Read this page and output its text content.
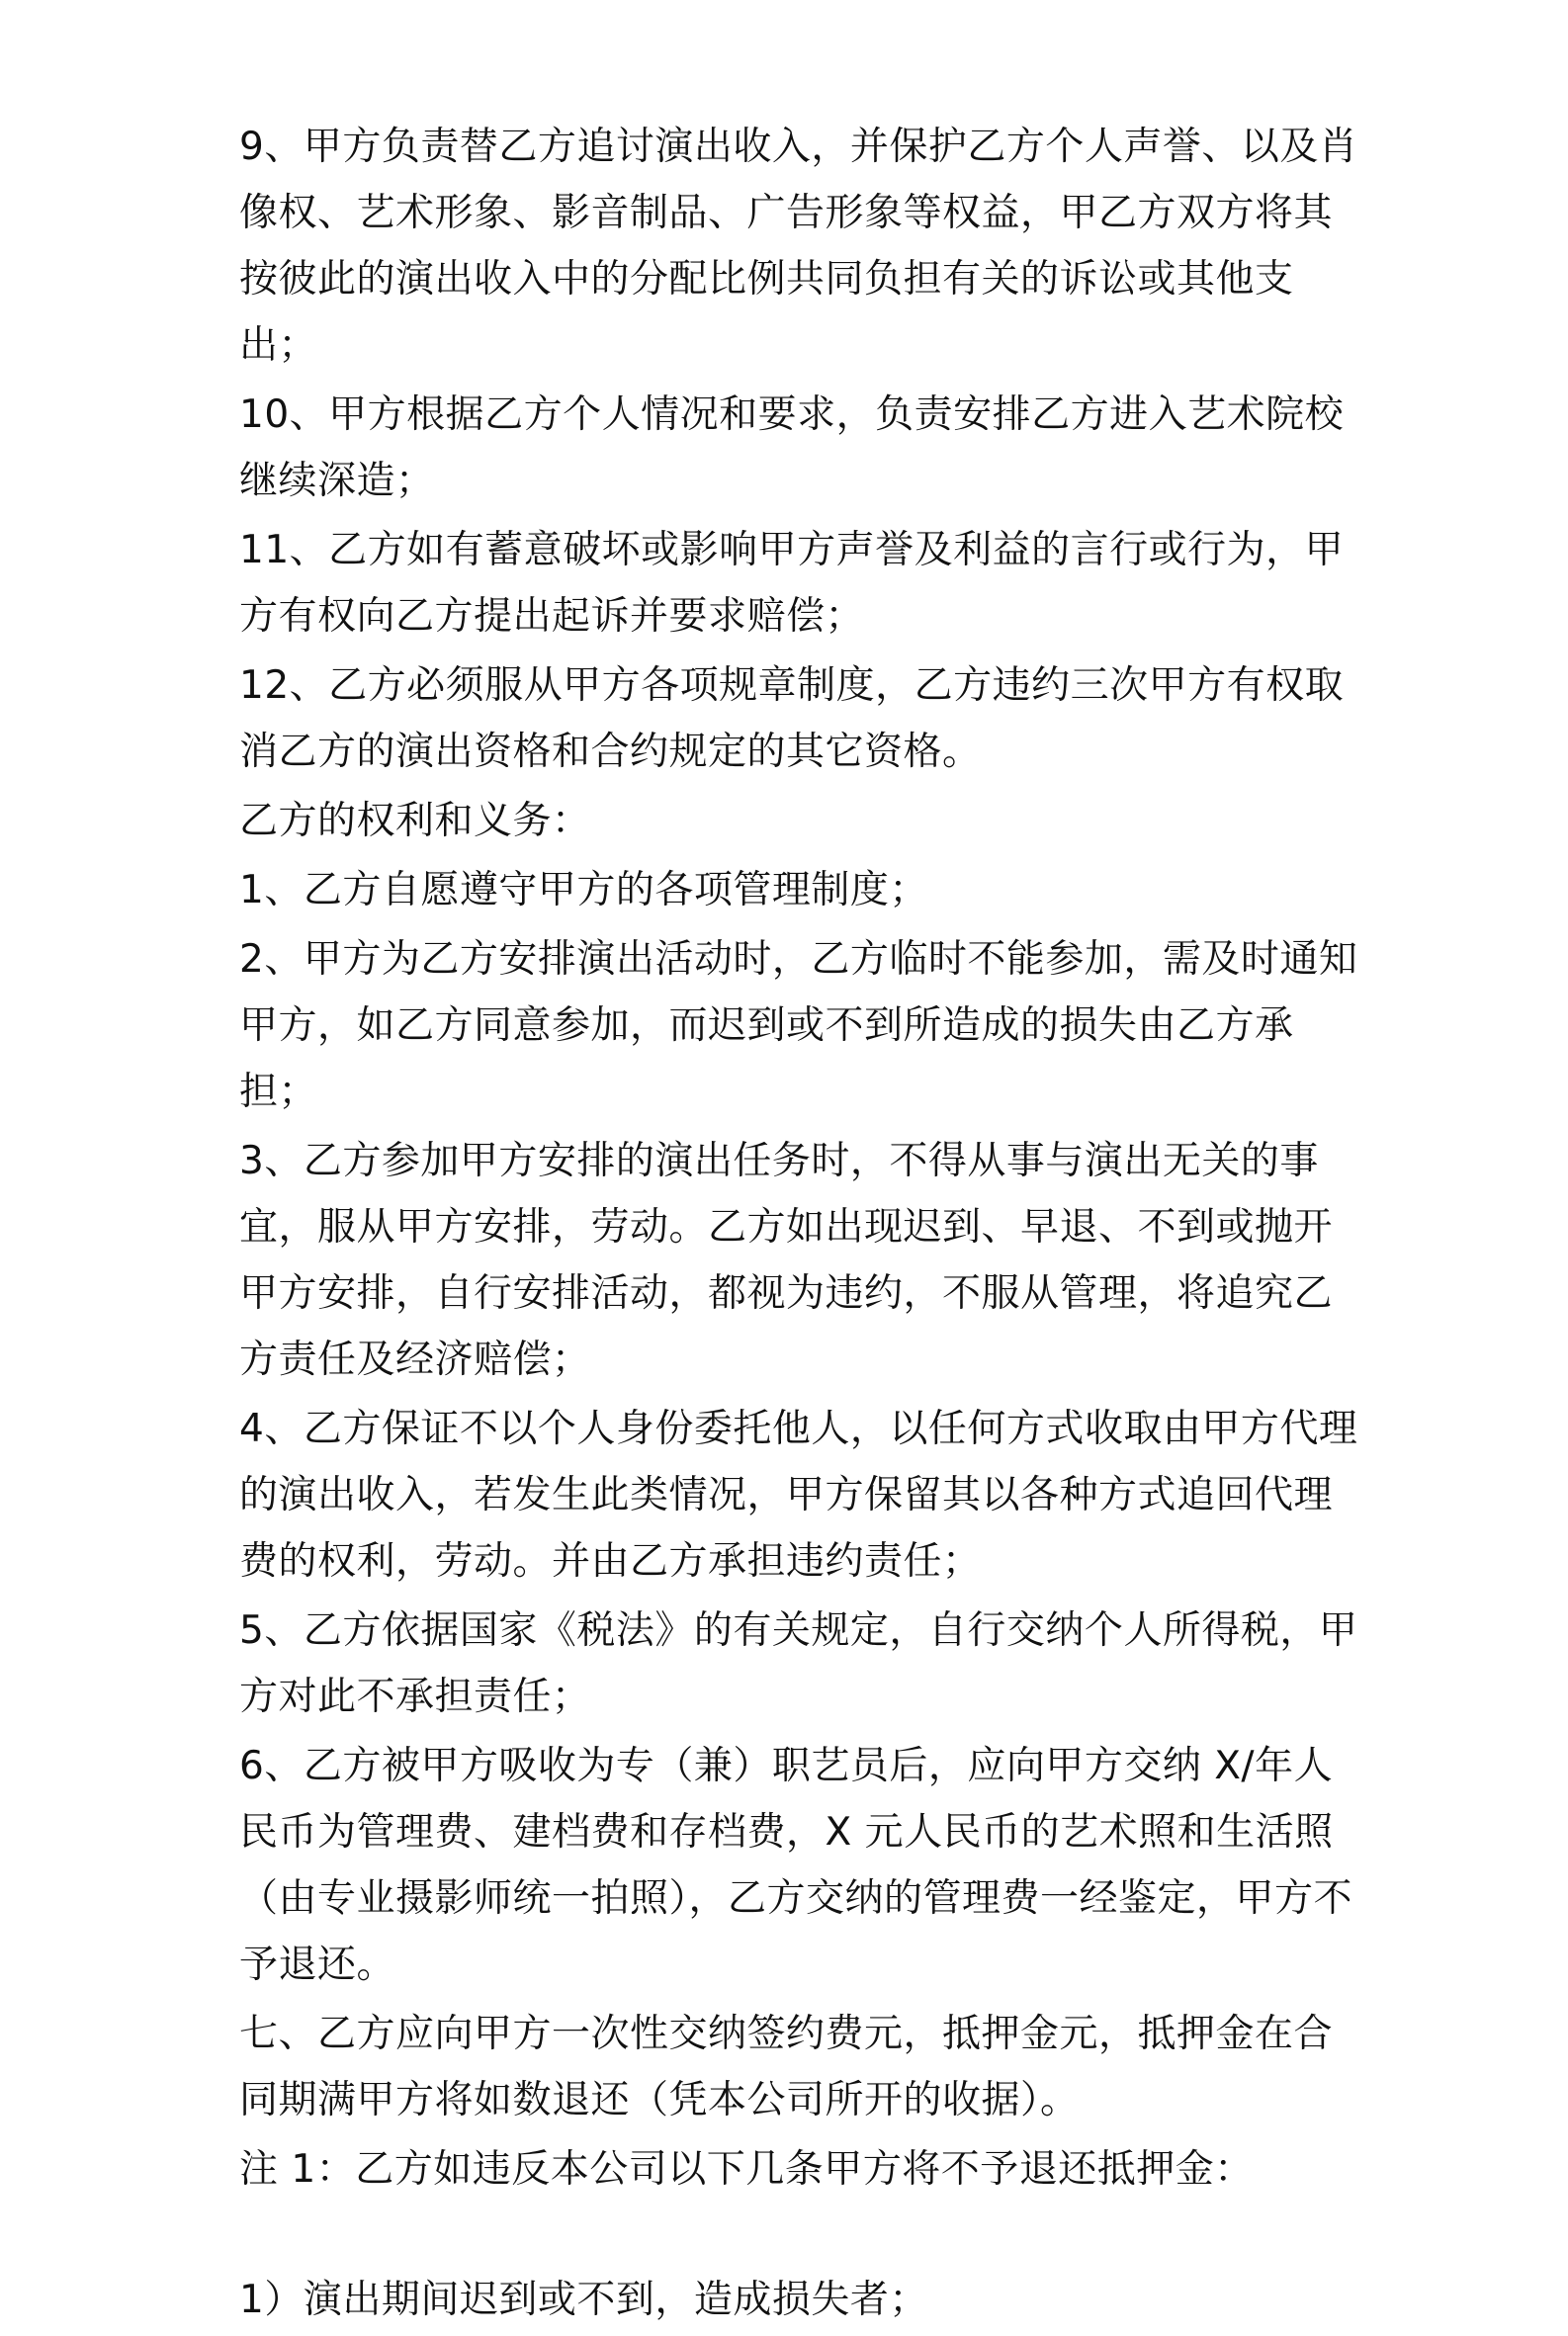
9、甲方负责替乙方追讨演出收入，并保护乙方个人声誉、以及肖像权、艺术形象、影音制品、广告形象等权益，甲乙方双方将其按彼此的演出收入中的分配比例共同负担有关的诉讼或其他支出；

10、甲方根据乙方个人情况和要求，负责安排乙方进入艺术院校继续深造；

11、乙方如有蓄意破坏或影响甲方声誉及利益的言行或行为，甲方有权向乙方提出起诉并要求赔偿；

12、乙方必须服从甲方各项规章制度，乙方违约三次甲方有权取消乙方的演出资格和合约规定的其它资格。

乙方的权利和义务：

1、乙方自愿遵守甲方的各项管理制度；

2、甲方为乙方安排演出活动时，乙方临时不能参加，需及时通知甲方，如乙方同意参加，而迟到或不到所造成的损失由乙方承担；

3、乙方参加甲方安排的演出任务时，不得从事与演出无关的事宜，服从甲方安排，劳动。乙方如出现迟到、早退、不到或抛开甲方安排，自行安排活动，都视为违约，不服从管理，将追究乙方责任及经济赔偿；

4、乙方保证不以个人身份委托他人，以任何方式收取由甲方代理的演出收入，若发生此类情况，甲方保留其以各种方式追回代理费的权利，劳动。并由乙方承担违约责任；

5、乙方依据国家《税法》的有关规定，自行交纳个人所得税，甲方对此不承担责任；

6、乙方被甲方吸收为专（兼）职艺员后，应向甲方交纳 X/年人民币为管理费、建档费和存档费，X 元人民币的艺术照和生活照（由专业摄影师统一拍照），乙方交纳的管理费一经鉴定，甲方不予退还。

七、乙方应向甲方一次性交纳签约费元，抵押金元，抵押金在合同期满甲方将如数退还（凭本公司所开的收据）。

注 1：乙方如违反本公司以下几条甲方将不予退还抵押金：

1）演出期间迟到或不到，造成损失者；
